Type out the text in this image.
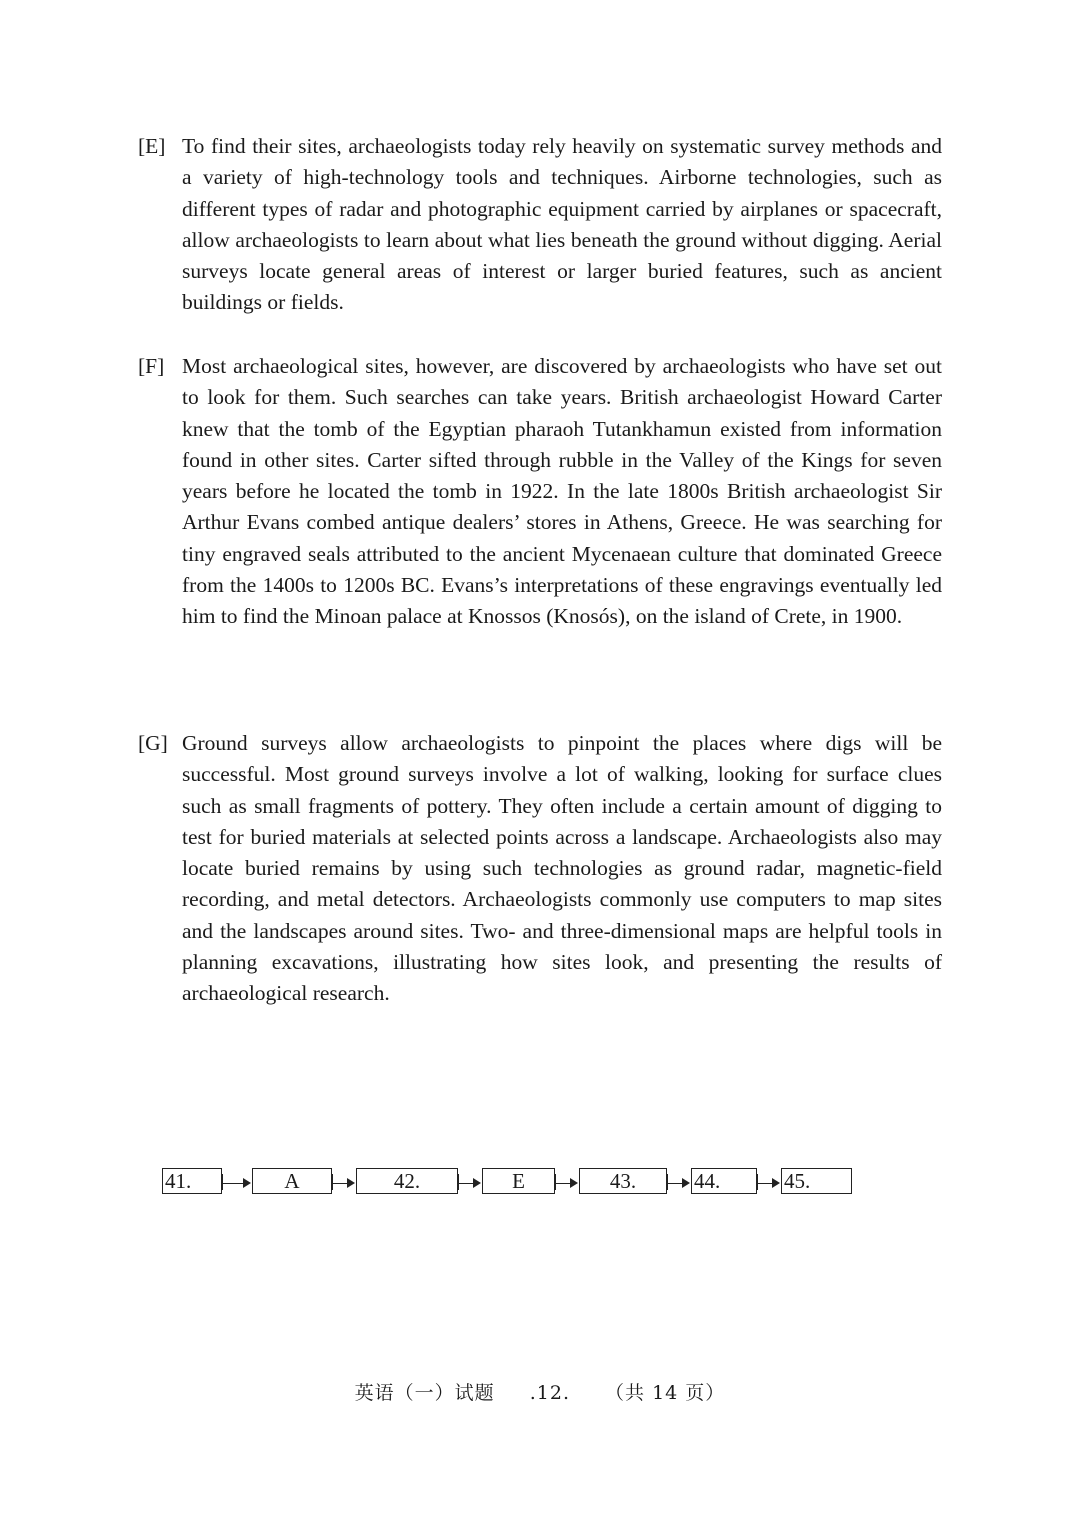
[E] To find their sites, archaeologists today rely heavily on systematic survey methods and a variety of high-technology tools and techniques. Airborne technologies, such as different types of radar and photographic equipment carried by airplanes or spacecraft, allow archaeologists to learn about what lies beneath the ground without digging. Aerial surveys locate general areas of interest or larger buried features, such as ancient buildings or fields.
[F] Most archaeological sites, however, are discovered by archaeologists who have set out to look for them. Such searches can take years. British archaeologist Howard Carter knew that the tomb of the Egyptian pharaoh Tutankhamun existed from information found in other sites. Carter sifted through rubble in the Valley of the Kings for seven years before he located the tomb in 1922. In the late 1800s British archaeologist Sir Arthur Evans combed antique dealers’ stores in Athens, Greece. He was searching for tiny engraved seals attributed to the ancient Mycenaean culture that dominated Greece from the 1400s to 1200s BC. Evans’s interpretations of these engravings eventually led him to find the Minoan palace at Knossos (Knosós), on the island of Crete, in 1900.
[G] Ground surveys allow archaeologists to pinpoint the places where digs will be successful. Most ground surveys involve a lot of walking, looking for surface clues such as small fragments of pottery. They often include a certain amount of digging to test for buried materials at selected points across a landscape. Archaeologists also may locate buried remains by using such technologies as ground radar, magnetic-field recording, and metal detectors. Archaeologists commonly use computers to map sites and the landscapes around sites. Two- and three-dimensional maps are helpful tools in planning excavations, illustrating how sites look, and presenting the results of archaeological research.
41.	A	42.	E	43.	44.	45.
英语（一）试题 .12. （共 14 页）
